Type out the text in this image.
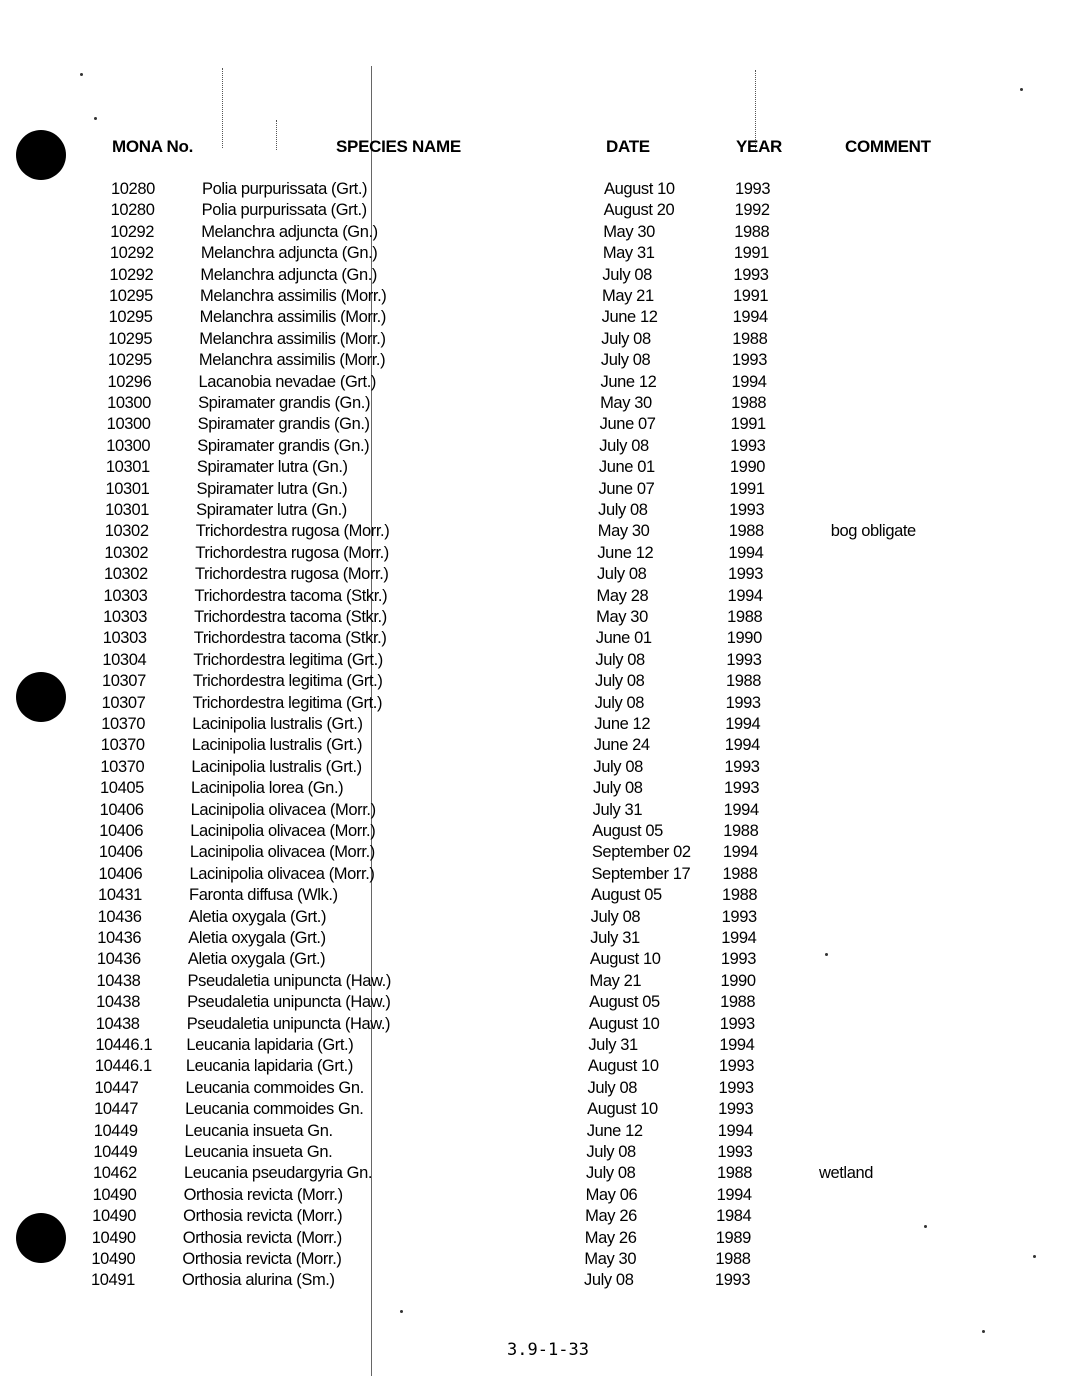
MONA No.	SPECIES NAME	DATE	YEAR	COMMENT
10280	Polia purpurissata (Grt.)	August 10	1993
10280	Polia purpurissata (Grt.)	August 20	1992
10292	Melanchra adjuncta (Gn.)	May 30	1988
10292	Melanchra adjuncta (Gn.)	May 31	1991
10292	Melanchra adjuncta (Gn.)	July 08	1993
10295	Melanchra assimilis (Morr.)	May 21	1991
10295	Melanchra assimilis (Morr.)	June 12	1994
10295	Melanchra assimilis (Morr.)	July 08	1988
10295	Melanchra assimilis (Morr.)	July 08	1993
10296	Lacanobia nevadae (Grt.)	June 12	1994
10300	Spiramater grandis (Gn.)	May 30	1988
10300	Spiramater grandis (Gn.)	June 07	1991
10300	Spiramater grandis (Gn.)	July 08	1993
10301	Spiramater lutra (Gn.)	June 01	1990
10301	Spiramater lutra (Gn.)	June 07	1991
10301	Spiramater lutra (Gn.)	July 08	1993
10302	Trichordestra rugosa (Morr.)	May 30	1988	bog obligate
10302	Trichordestra rugosa (Morr.)	June 12	1994
10302	Trichordestra rugosa (Morr.)	July 08	1993
10303	Trichordestra tacoma (Stkr.)	May 28	1994
10303	Trichordestra tacoma (Stkr.)	May 30	1988
10303	Trichordestra tacoma (Stkr.)	June 01	1990
10304	Trichordestra legitima (Grt.)	July 08	1993
10307	Trichordestra legitima (Grt.)	July 08	1988
10307	Trichordestra legitima (Grt.)	July 08	1993
10370	Lacinipolia lustralis (Grt.)	June 12	1994
10370	Lacinipolia lustralis (Grt.)	June 24	1994
10370	Lacinipolia lustralis (Grt.)	July 08	1993
10405	Lacinipolia lorea (Gn.)	July 08	1993
10406	Lacinipolia olivacea (Morr.)	July 31	1994
10406	Lacinipolia olivacea (Morr.)	August 05	1988
10406	Lacinipolia olivacea (Morr.)	September 02 1994
10406	Lacinipolia olivacea (Morr.)	September 17 1988
10431	Faronta diffusa (Wlk.)	August 05	1988
10436	Aletia oxygala (Grt.)	July 08	1993
10436	Aletia oxygala (Grt.)	July 31	1994
10436	Aletia oxygala (Grt.)	August 10	1993
10438	Pseudaletia unipuncta (Haw.)	May 21	1990
10438	Pseudaletia unipuncta (Haw.)	August 05	1988
10438	Pseudaletia unipuncta (Haw.)	August 10	1993
10446.1 Leucania lapidaria (Grt.)	July 31	1994
10446.1 Leucania lapidaria (Grt.)	August 10	1993
10447	Leucania commoides Gn.	July 08	1993
10447	Leucania commoides Gn.	August 10	1993
10449	Leucania insueta Gn.	June 12	1994
10449	Leucania insueta Gn.	July 08	1993
10462	Leucania pseudargyria Gn.	July 08	1988	wetland
10490	Orthosia revicta (Morr.)	May 06	1994
10490	Orthosia revicta (Morr.)	May 26	1984
10490	Orthosia revicta (Morr.)	May 26	1989
10490	Orthosia revicta (Morr.)	May 30	1988
10491	Orthosia alurina (Sm.)	July 08	1993
3.9-1-33
